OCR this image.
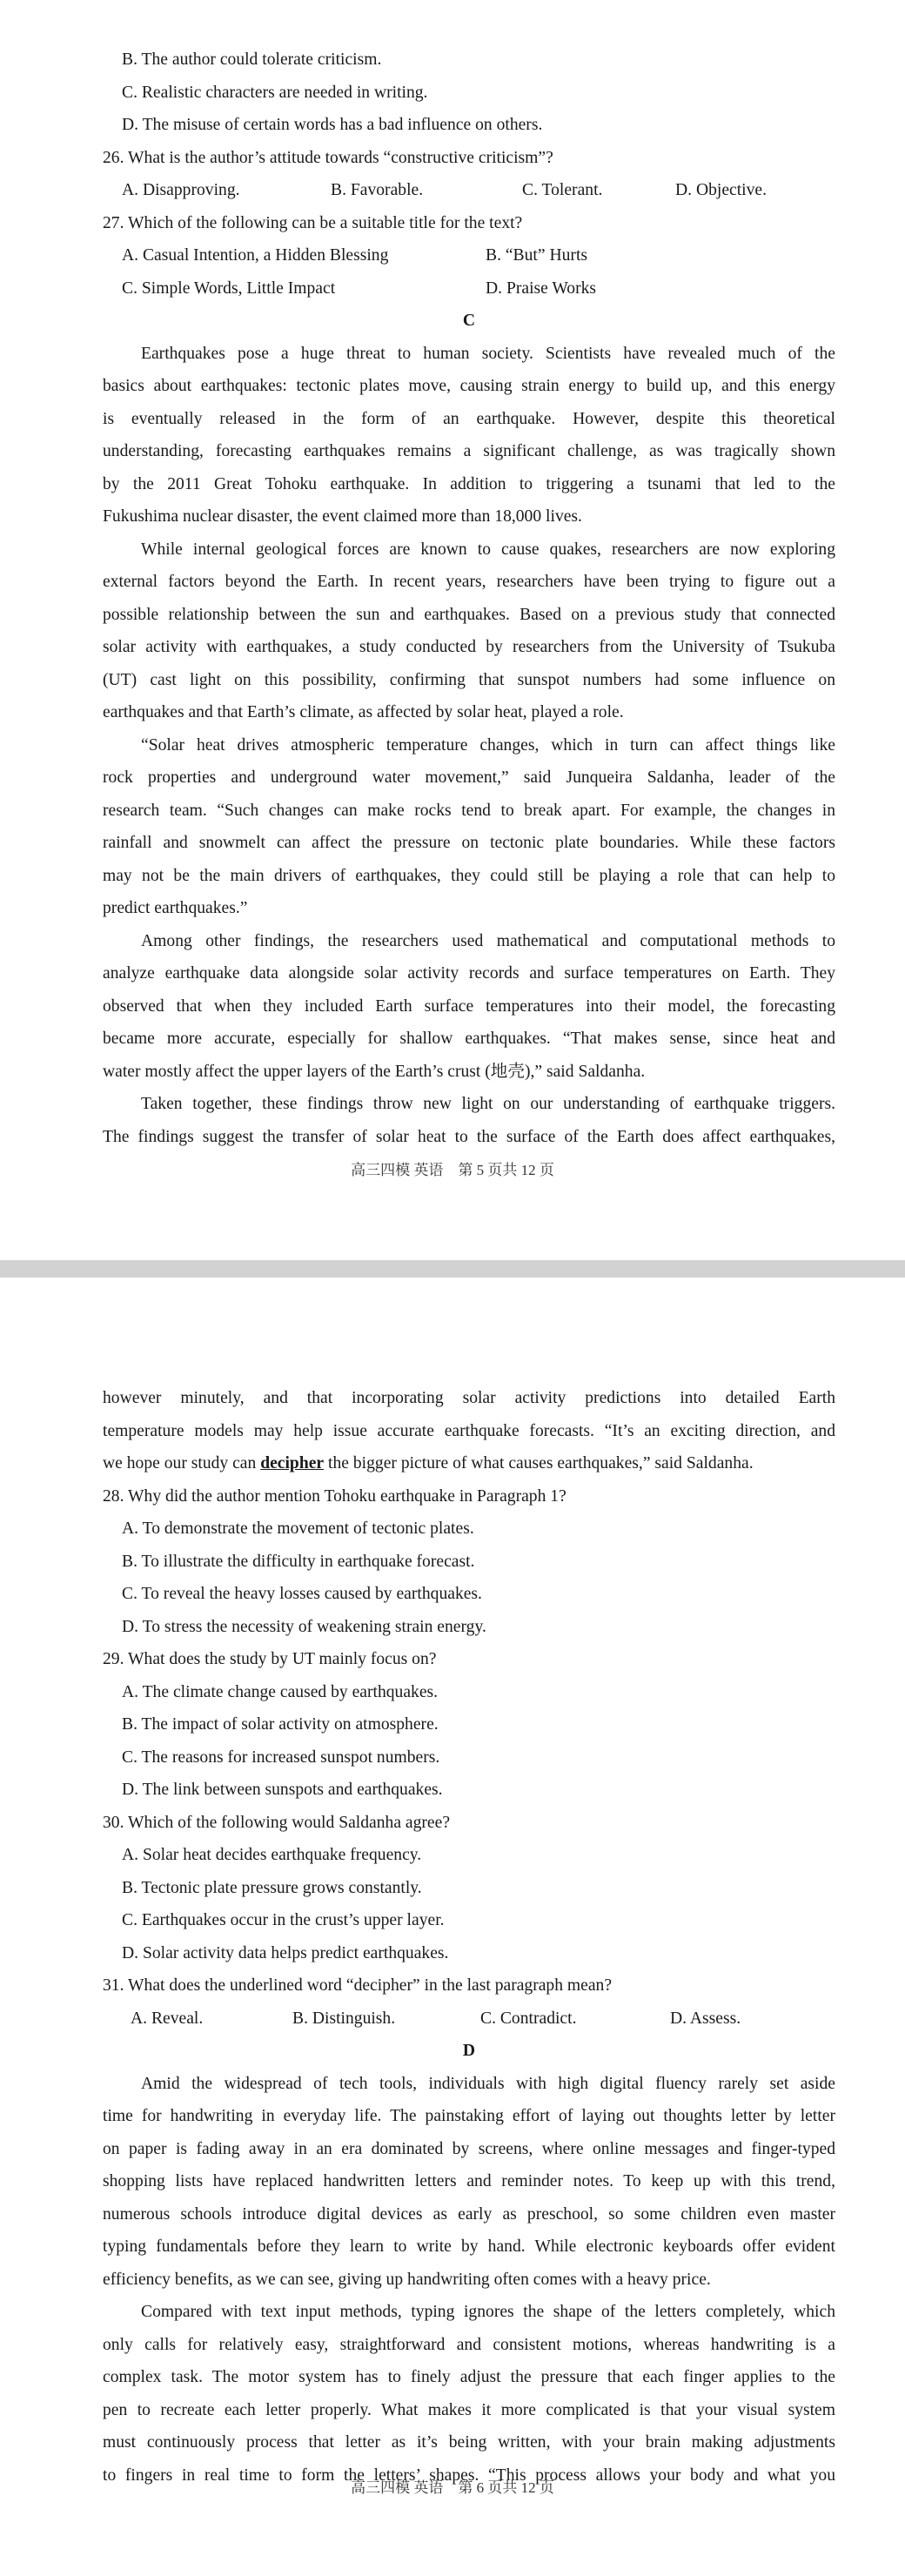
B. The author could tolerate criticism.
C. Realistic characters are needed in writing.
D. The misuse of certain words has a bad influence on others.
26. What is the author’s attitude towards “constructive criticism”?
A. Disapproving.	B. Favorable.	C. Tolerant.	D. Objective.
27. Which of the following can be a suitable title for the text?
A. Casual Intention, a Hidden Blessing	B. “But” Hurts
C. Simple Words, Little Impact	D. Praise Works
C
Earthquakes pose a huge threat to human society. Scientists have revealed much of the
basics about earthquakes: tectonic plates move, causing strain energy to build up, and this energy
is eventually released in the form of an earthquake. However, despite this theoretical
understanding, forecasting earthquakes remains a significant challenge, as was tragically shown
by the 2011 Great Tohoku earthquake. In addition to triggering a tsunami that led to the
Fukushima nuclear disaster, the event claimed more than 18,000 lives.
While internal geological forces are known to cause quakes, researchers are now exploring
external factors beyond the Earth. In recent years, researchers have been trying to figure out a
possible relationship between the sun and earthquakes. Based on a previous study that connected
solar activity with earthquakes, a study conducted by researchers from the University of Tsukuba
(UT) cast light on this possibility, confirming that sunspot numbers had some influence on
earthquakes and that Earth’s climate, as affected by solar heat, played a role.
“Solar heat drives atmospheric temperature changes, which in turn can affect things like
rock properties and underground water movement,” said Junqueira Saldanha, leader of the
research team. “Such changes can make rocks tend to break apart. For example, the changes in
rainfall and snowmelt can affect the pressure on tectonic plate boundaries. While these factors
may not be the main drivers of earthquakes, they could still be playing a role that can help to
predict earthquakes.”
Among other findings, the researchers used mathematical and computational methods to
analyze earthquake data alongside solar activity records and surface temperatures on Earth. They
observed that when they included Earth surface temperatures into their model, the forecasting
became more accurate, especially for shallow earthquakes. “That makes sense, since heat and
water mostly affect the upper layers of the Earth’s crust (地壳),” said Saldanha.
Taken together, these findings throw new light on our understanding of earthquake triggers.
The findings suggest the transfer of solar heat to the surface of the Earth does affect earthquakes,
高三四模 英语　第 5 页共 12 页
however minutely, and that incorporating solar activity predictions into detailed Earth
temperature models may help issue accurate earthquake forecasts. “It’s an exciting direction, and
we hope our study can decipher the bigger picture of what causes earthquakes,” said Saldanha.
28. Why did the author mention Tohoku earthquake in Paragraph 1?
A. To demonstrate the movement of tectonic plates.
B. To illustrate the difficulty in earthquake forecast.
C. To reveal the heavy losses caused by earthquakes.
D. To stress the necessity of weakening strain energy.
29. What does the study by UT mainly focus on?
A. The climate change caused by earthquakes.
B. The impact of solar activity on atmosphere.
C. The reasons for increased sunspot numbers.
D. The link between sunspots and earthquakes.
30. Which of the following would Saldanha agree?
A. Solar heat decides earthquake frequency.
B. Tectonic plate pressure grows constantly.
C. Earthquakes occur in the crust’s upper layer.
D. Solar activity data helps predict earthquakes.
31. What does the underlined word “decipher” in the last paragraph mean?
A. Reveal.	B. Distinguish.	C. Contradict.	D. Assess.
D
Amid the widespread of tech tools, individuals with high digital fluency rarely set aside
time for handwriting in everyday life. The painstaking effort of laying out thoughts letter by letter
on paper is fading away in an era dominated by screens, where online messages and finger-typed
shopping lists have replaced handwritten letters and reminder notes. To keep up with this trend,
numerous schools introduce digital devices as early as preschool, so some children even master
typing fundamentals before they learn to write by hand. While electronic keyboards offer evident
efficiency benefits, as we can see, giving up handwriting often comes with a heavy price.
Compared with text input methods, typing ignores the shape of the letters completely, which
only calls for relatively easy, straightforward and consistent motions, whereas handwriting is a
complex task. The motor system has to finely adjust the pressure that each finger applies to the
pen to recreate each letter properly. What makes it more complicated is that your visual system
must continuously process that letter as it’s being written, with your brain making adjustments
to fingers in real time to form the letters’ shapes. “This process allows your body and what you
高三四模 英语　第 6 页共 12 页
